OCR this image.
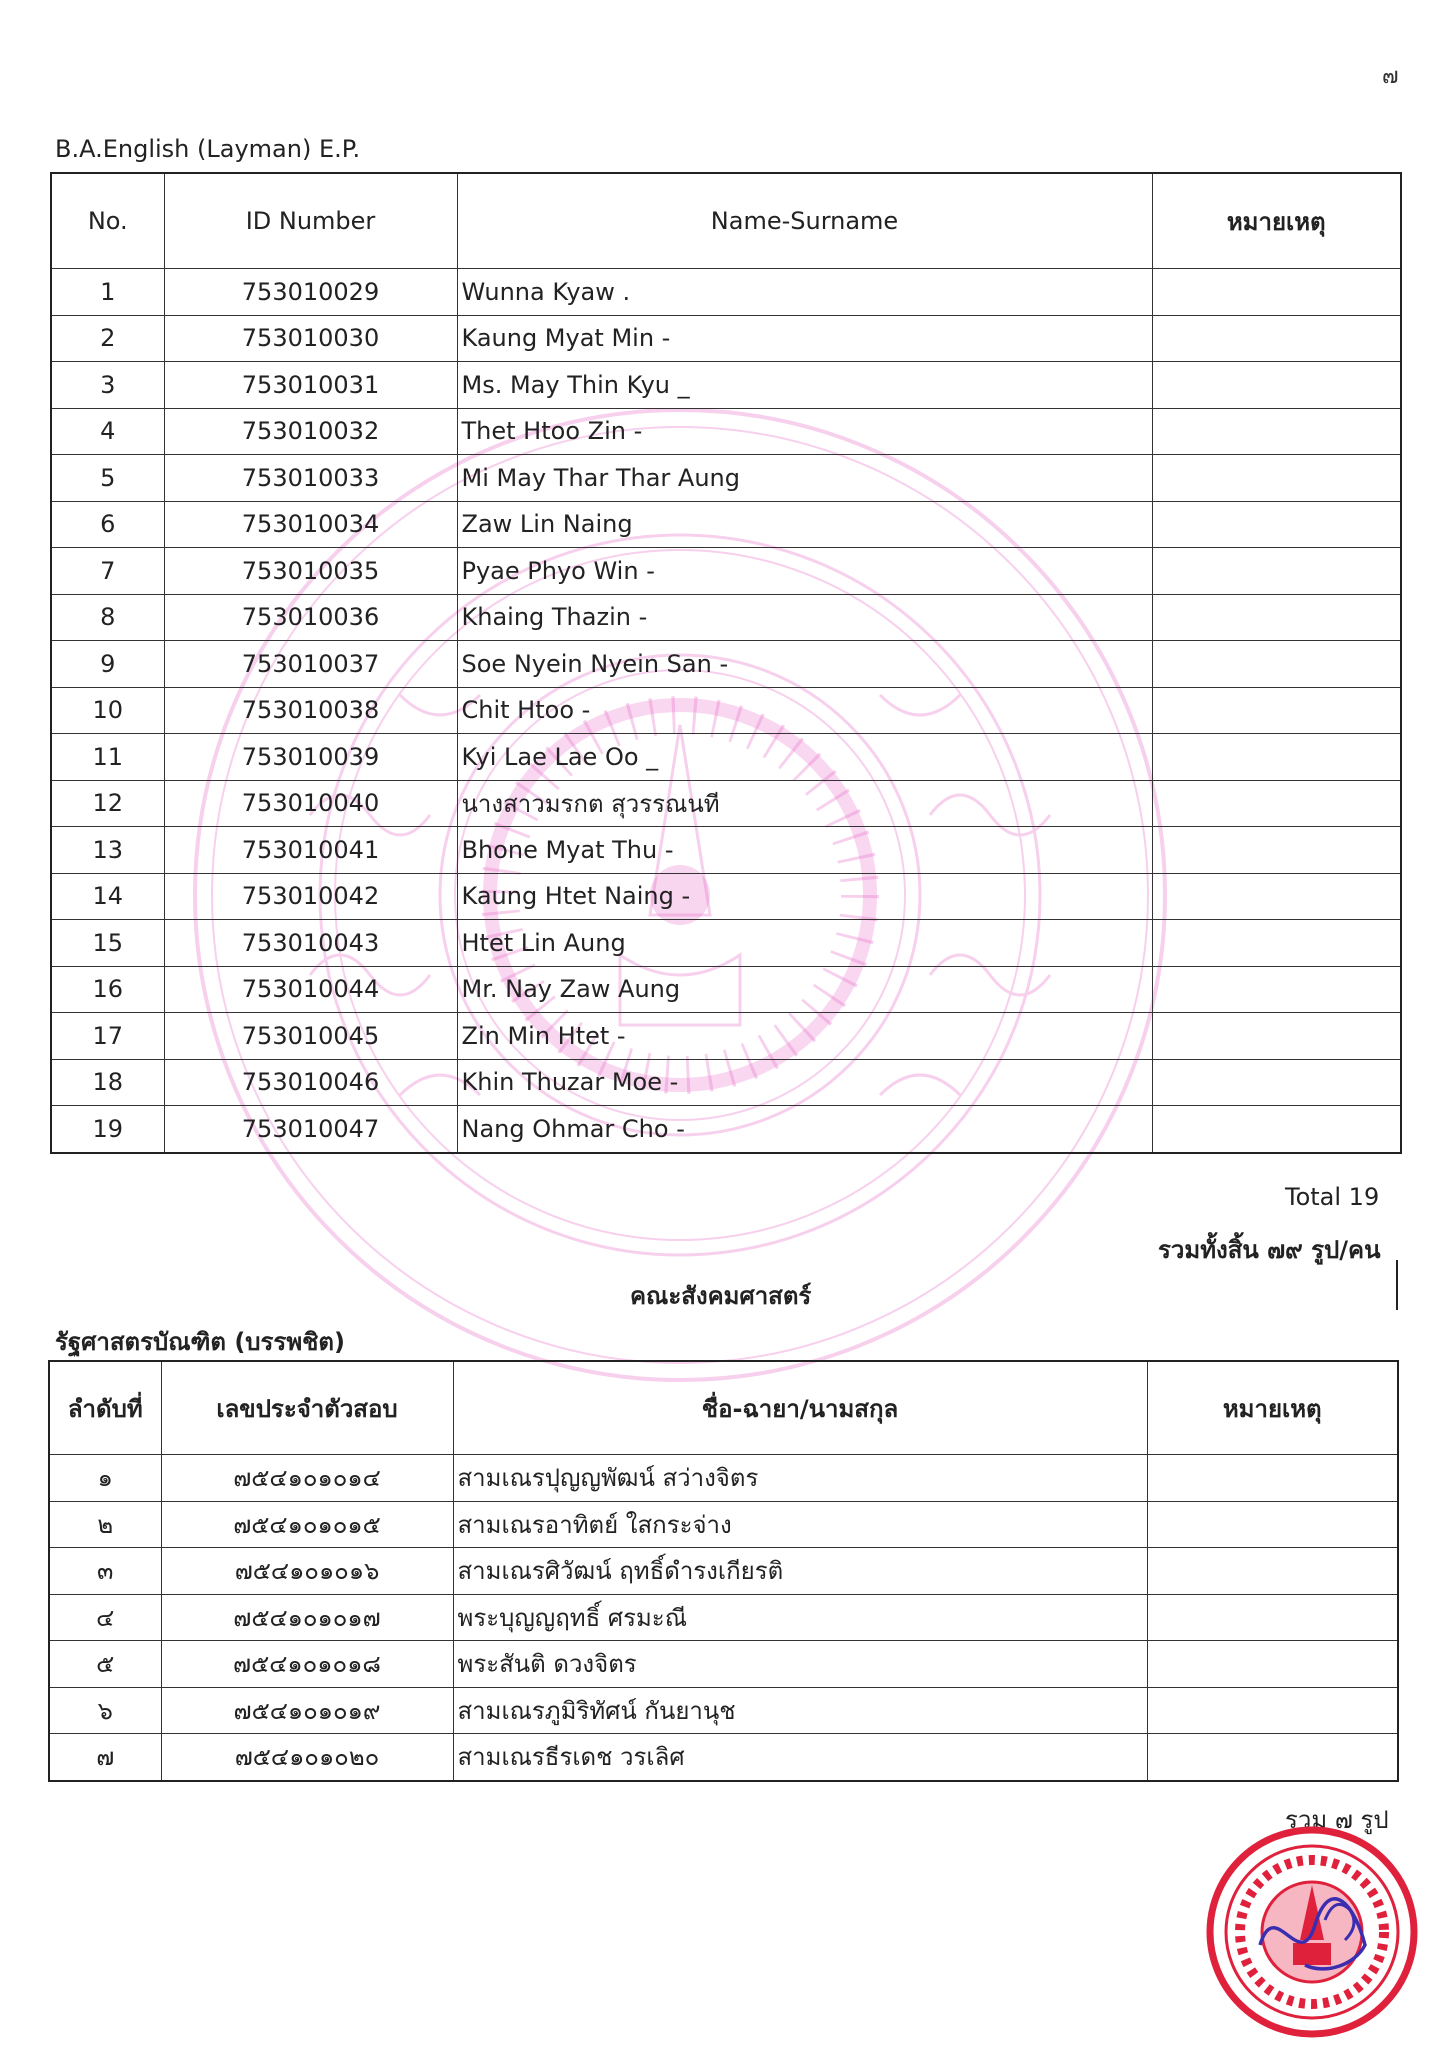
๗
B.A.English (Layman) E.P.
No.	ID Number	Name-Surname	หมายเหตุ
1	753010029	Wunna Kyaw .	
2	753010030	Kaung Myat Min -	
3	753010031	Ms. May Thin Kyu _	
4	753010032	Thet Htoo Zin -	
5	753010033	Mi May Thar Thar Aung	
6	753010034	Zaw Lin Naing	
7	753010035	Pyae Phyo Win -	
8	753010036	Khaing Thazin -	
9	753010037	Soe Nyein Nyein San -	
10	753010038	Chit Htoo -	
11	753010039	Kyi Lae Lae Oo _	
12	753010040	นางสาวมรกต สุวรรณนที	
13	753010041	Bhone Myat Thu -	
14	753010042	Kaung Htet Naing -	
15	753010043	Htet Lin Aung	
16	753010044	Mr. Nay Zaw Aung	
17	753010045	Zin Min Htet -	
18	753010046	Khin Thuzar Moe -	
19	753010047	Nang Ohmar Cho -	
Total 19
รวมทั้งสิ้น ๗๙ รูป/คน
คณะสังคมศาสตร์
รัฐศาสตรบัณฑิต (บรรพชิต)
ลำดับที่	เลขประจำตัวสอบ	ชื่อ-ฉายา/นามสกุล	หมายเหตุ
๑	๗๕๔๑๐๑๐๑๔	สามเณรปุญญพัฒน์ สว่างจิตร	
๒	๗๕๔๑๐๑๐๑๕	สามเณรอาทิตย์ ใสกระจ่าง	
๓	๗๕๔๑๐๑๐๑๖	สามเณรศิวัฒน์ ฤทธิ์ดำรงเกียรติ	
๔	๗๕๔๑๐๑๐๑๗	พระบุญญฤทธิ์ ศรมะณี	
๕	๗๕๔๑๐๑๐๑๘	พระสันติ ดวงจิตร	
๖	๗๕๔๑๐๑๐๑๙	สามเณรภูมิริทัศน์ กันยานุช	
๗	๗๕๔๑๐๑๐๒๐	สามเณรธีรเดช วรเลิศ	
รวม ๗ รูป
